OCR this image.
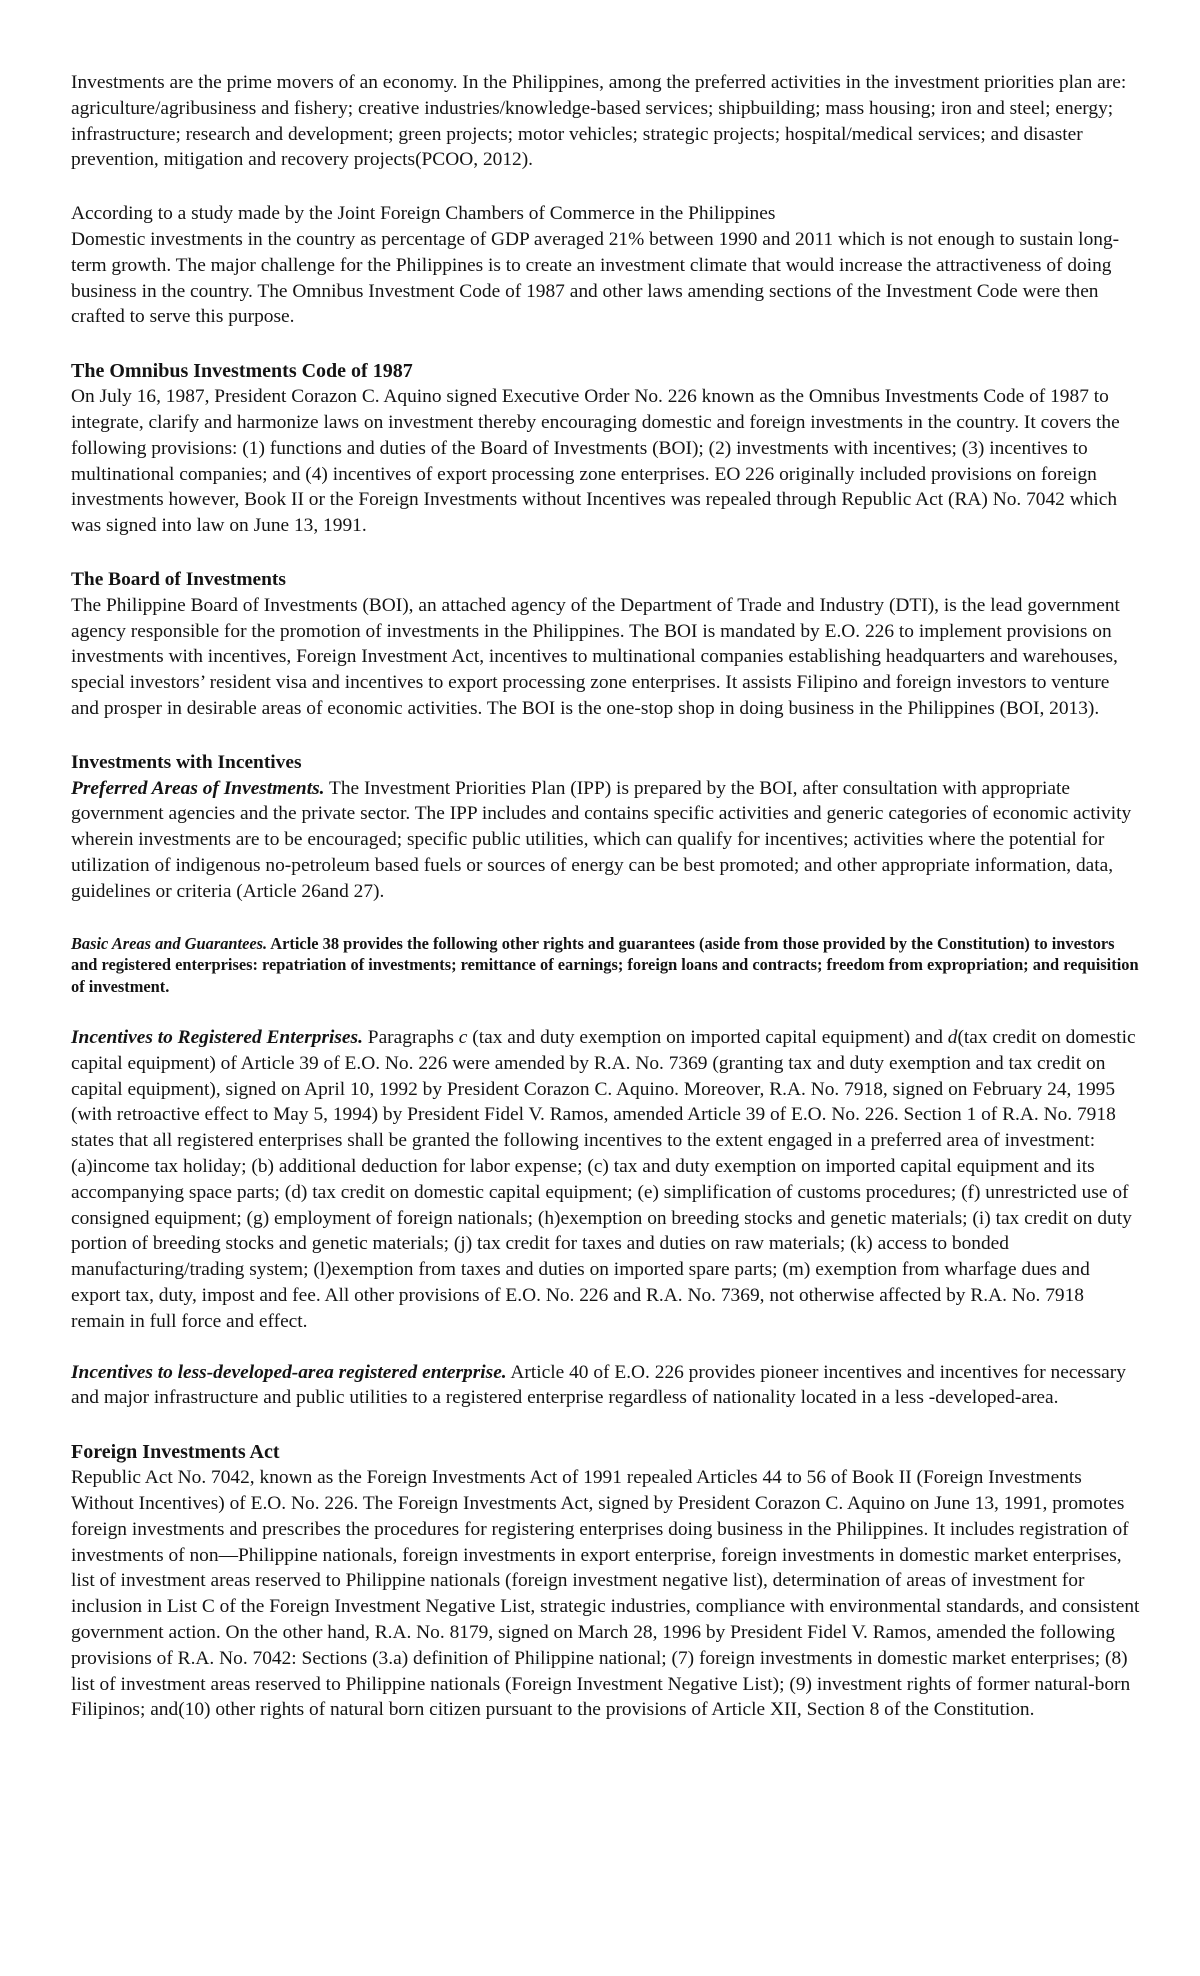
Investments are the prime movers of an economy. In the Philippines, among the preferred activities in the investment priorities plan are: agriculture/agribusiness and fishery; creative industries/knowledge-based services; shipbuilding; mass housing; iron and steel; energy; infrastructure; research and development; green projects; motor vehicles; strategic projects; hospital/medical services; and disaster prevention, mitigation and recovery projects(PCOO, 2012).

According to a study made by the Joint Foreign Chambers of Commerce in the Philippines

Domestic investments in the country as percentage of GDP averaged 21% between 1990 and 2011 which is not enough to sustain long-term growth. The major challenge for the Philippines is to create an investment climate that would increase the attractiveness of doing business in the country. The Omnibus Investment Code of 1987 and other laws amending sections of the Investment Code were then crafted to serve this purpose.

The Omnibus Investments Code of 1987

On July 16, 1987, President Corazon C. Aquino signed Executive Order No. 226 known as the Omnibus Investments Code of 1987 to integrate, clarify and harmonize laws on investment thereby encouraging domestic and foreign investments in the country. It covers the following provisions: (1) functions and duties of the Board of Investments (BOI); (2) investments with incentives; (3) incentives to multinational companies; and (4) incentives of export processing zone enterprises. EO 226 originally included provisions on foreign investments however, Book II or the Foreign Investments without Incentives was repealed through Republic Act (RA) No. 7042 which was signed into law on June 13, 1991.

The Board of Investments

The Philippine Board of Investments (BOI), an attached agency of the Department of Trade and Industry (DTI), is the lead government agency responsible for the promotion of investments in the Philippines. The BOI is mandated by E.O. 226 to implement provisions on investments with incentives, Foreign Investment Act, incentives to multinational companies establishing headquarters and warehouses, special investors’ resident visa and incentives to export processing zone enterprises. It assists Filipino and foreign investors to venture and prosper in desirable areas of economic activities. The BOI is the one-stop shop in doing business in the Philippines (BOI, 2013).

Investments with Incentives

Preferred Areas of Investments. The Investment Priorities Plan (IPP) is prepared by the BOI, after consultation with appropriate government agencies and the private sector. The IPP includes and contains specific activities and generic categories of economic activity wherein investments are to be encouraged; specific public utilities, which can qualify for incentives; activities where the potential for utilization of indigenous no-petroleum based fuels or sources of energy can be best promoted; and other appropriate information, data, guidelines or criteria (Article 26and 27).

Basic Areas and Guarantees. Article 38 provides the following other rights and guarantees (aside from those provided by the Constitution) to investors and registered enterprises: repatriation of investments; remittance of earnings; foreign loans and contracts; freedom from expropriation; and requisition of investment.

Incentives to Registered Enterprises. Paragraphs c (tax and duty exemption on imported capital equipment) and d(tax credit on domestic capital equipment) of Article 39 of E.O. No. 226 were amended by R.A. No. 7369 (granting tax and duty exemption and tax credit on capital equipment), signed on April 10, 1992 by President Corazon C. Aquino. Moreover, R.A. No. 7918, signed on February 24, 1995 (with retroactive effect to May 5, 1994) by President Fidel V. Ramos, amended Article 39 of E.O. No. 226. Section 1 of R.A. No. 7918 states that all registered enterprises shall be granted the following incentives to the extent engaged in a preferred area of investment: (a)income tax holiday; (b) additional deduction for labor expense; (c) tax and duty exemption on imported capital equipment and its accompanying space parts; (d) tax credit on domestic capital equipment; (e) simplification of customs procedures; (f) unrestricted use of consigned equipment; (g) employment of foreign nationals; (h)exemption on breeding stocks and genetic materials; (i) tax credit on duty portion of breeding stocks and genetic materials; (j) tax credit for taxes and duties on raw materials; (k) access to bonded manufacturing/trading system; (l)exemption from taxes and duties on imported spare parts; (m) exemption from wharfage dues and export tax, duty, impost and fee. All other provisions of E.O. No. 226 and R.A. No. 7369, not otherwise affected by R.A. No. 7918 remain in full force and effect.

Incentives to less-developed-area registered enterprise. Article 40 of E.O. 226 provides pioneer incentives and incentives for necessary and major infrastructure and public utilities to a registered enterprise regardless of nationality located in a less -developed-area.

Foreign Investments Act

Republic Act No. 7042, known as the Foreign Investments Act of 1991 repealed Articles 44 to 56 of Book II (Foreign Investments Without Incentives) of E.O. No. 226. The Foreign Investments Act, signed by President Corazon C. Aquino on June 13, 1991, promotes foreign investments and prescribes the procedures for registering enterprises doing business in the Philippines. It includes registration of investments of non—Philippine nationals, foreign investments in export enterprise, foreign investments in domestic market enterprises, list of investment areas reserved to Philippine nationals (foreign investment negative list), determination of areas of investment for inclusion in List C of the Foreign Investment Negative List, strategic industries, compliance with environmental standards, and consistent government action. On the other hand, R.A. No. 8179, signed on March 28, 1996 by President Fidel V. Ramos, amended the following provisions of R.A. No. 7042: Sections (3.a) definition of Philippine national; (7) foreign investments in domestic market enterprises; (8) list of investment areas reserved to Philippine nationals (Foreign Investment Negative List); (9) investment rights of former natural-born Filipinos; and(10) other rights of natural born citizen pursuant to the provisions of Article XII, Section 8 of the Constitution.
